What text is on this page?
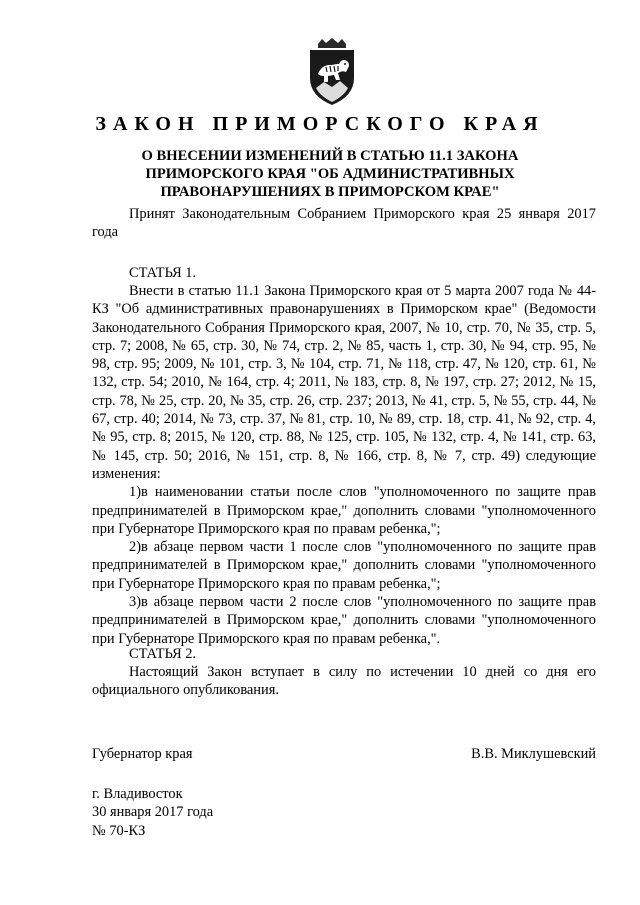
ЗАКОН ПРИМОРСКОГО КРАЯ
О ВНЕСЕНИИ ИЗМЕНЕНИЙ В СТАТЬЮ 11.1 ЗАКОНА ПРИМОРСКОГО КРАЯ "ОБ АДМИНИСТРАТИВНЫХ ПРАВОНАРУШЕНИЯХ В ПРИМОРСКОМ КРАЕ"

Принят Законодательным Собранием Приморского края 25 января 2017 года

СТАТЬЯ 1.

Внести в статью 11.1 Закона Приморского края от 5 марта 2007 года № 44-КЗ "Об административных правонарушениях в Приморском крае" (Ведомости Законодательного Собрания Приморского края, 2007, № 10, стр. 70, № 35, стр. 5, стр. 7; 2008, № 65, стр. 30, № 74, стр. 2, № 85, часть 1, стр. 30, № 94, стр. 95, № 98, стр. 95; 2009, № 101, стр. 3, № 104, стр. 71, № 118, стр. 47, № 120, стр. 61, № 132, стр. 54; 2010, № 164, стр. 4; 2011, № 183, стр. 8, № 197, стр. 27; 2012, № 15, стр. 78, № 25, стр. 20, № 35, стр. 26, стр. 237; 2013, № 41, стр. 5, № 55, стр. 44, № 67, стр. 40; 2014, № 73, стр. 37, № 81, стр. 10, № 89, стр. 18, стр. 41, № 92, стр. 4, № 95, стр. 8; 2015, № 120, стр. 88, № 125, стр. 105, № 132, стр. 4, № 141, стр. 63, № 145, стр. 50; 2016, № 151, стр. 8, № 166, стр. 8, № 7, стр. 49) следующие изменения:

1)в наименовании статьи после слов "уполномоченного по защите прав предпринимателей в Приморском крае," дополнить словами "уполномоченного при Губернаторе Приморского края по правам ребенка,";

2)в абзаце первом части 1 после слов "уполномоченного по защите прав предпринимателей в Приморском крае," дополнить словами "уполномоченного при Губернаторе Приморского края по правам ребенка,";

3)в абзаце первом части 2 после слов "уполномоченного по защите прав предпринимателей в Приморском крае," дополнить словами "уполномоченного при Губернаторе Приморского края по правам ребенка,".

СТАТЬЯ 2.

Настоящий Закон вступает в силу по истечении 10 дней со дня его официального опубликования.

Губернатор края	В.В. Миклушевский
г. Владивосток
30 января 2017 года
№ 70-КЗ
